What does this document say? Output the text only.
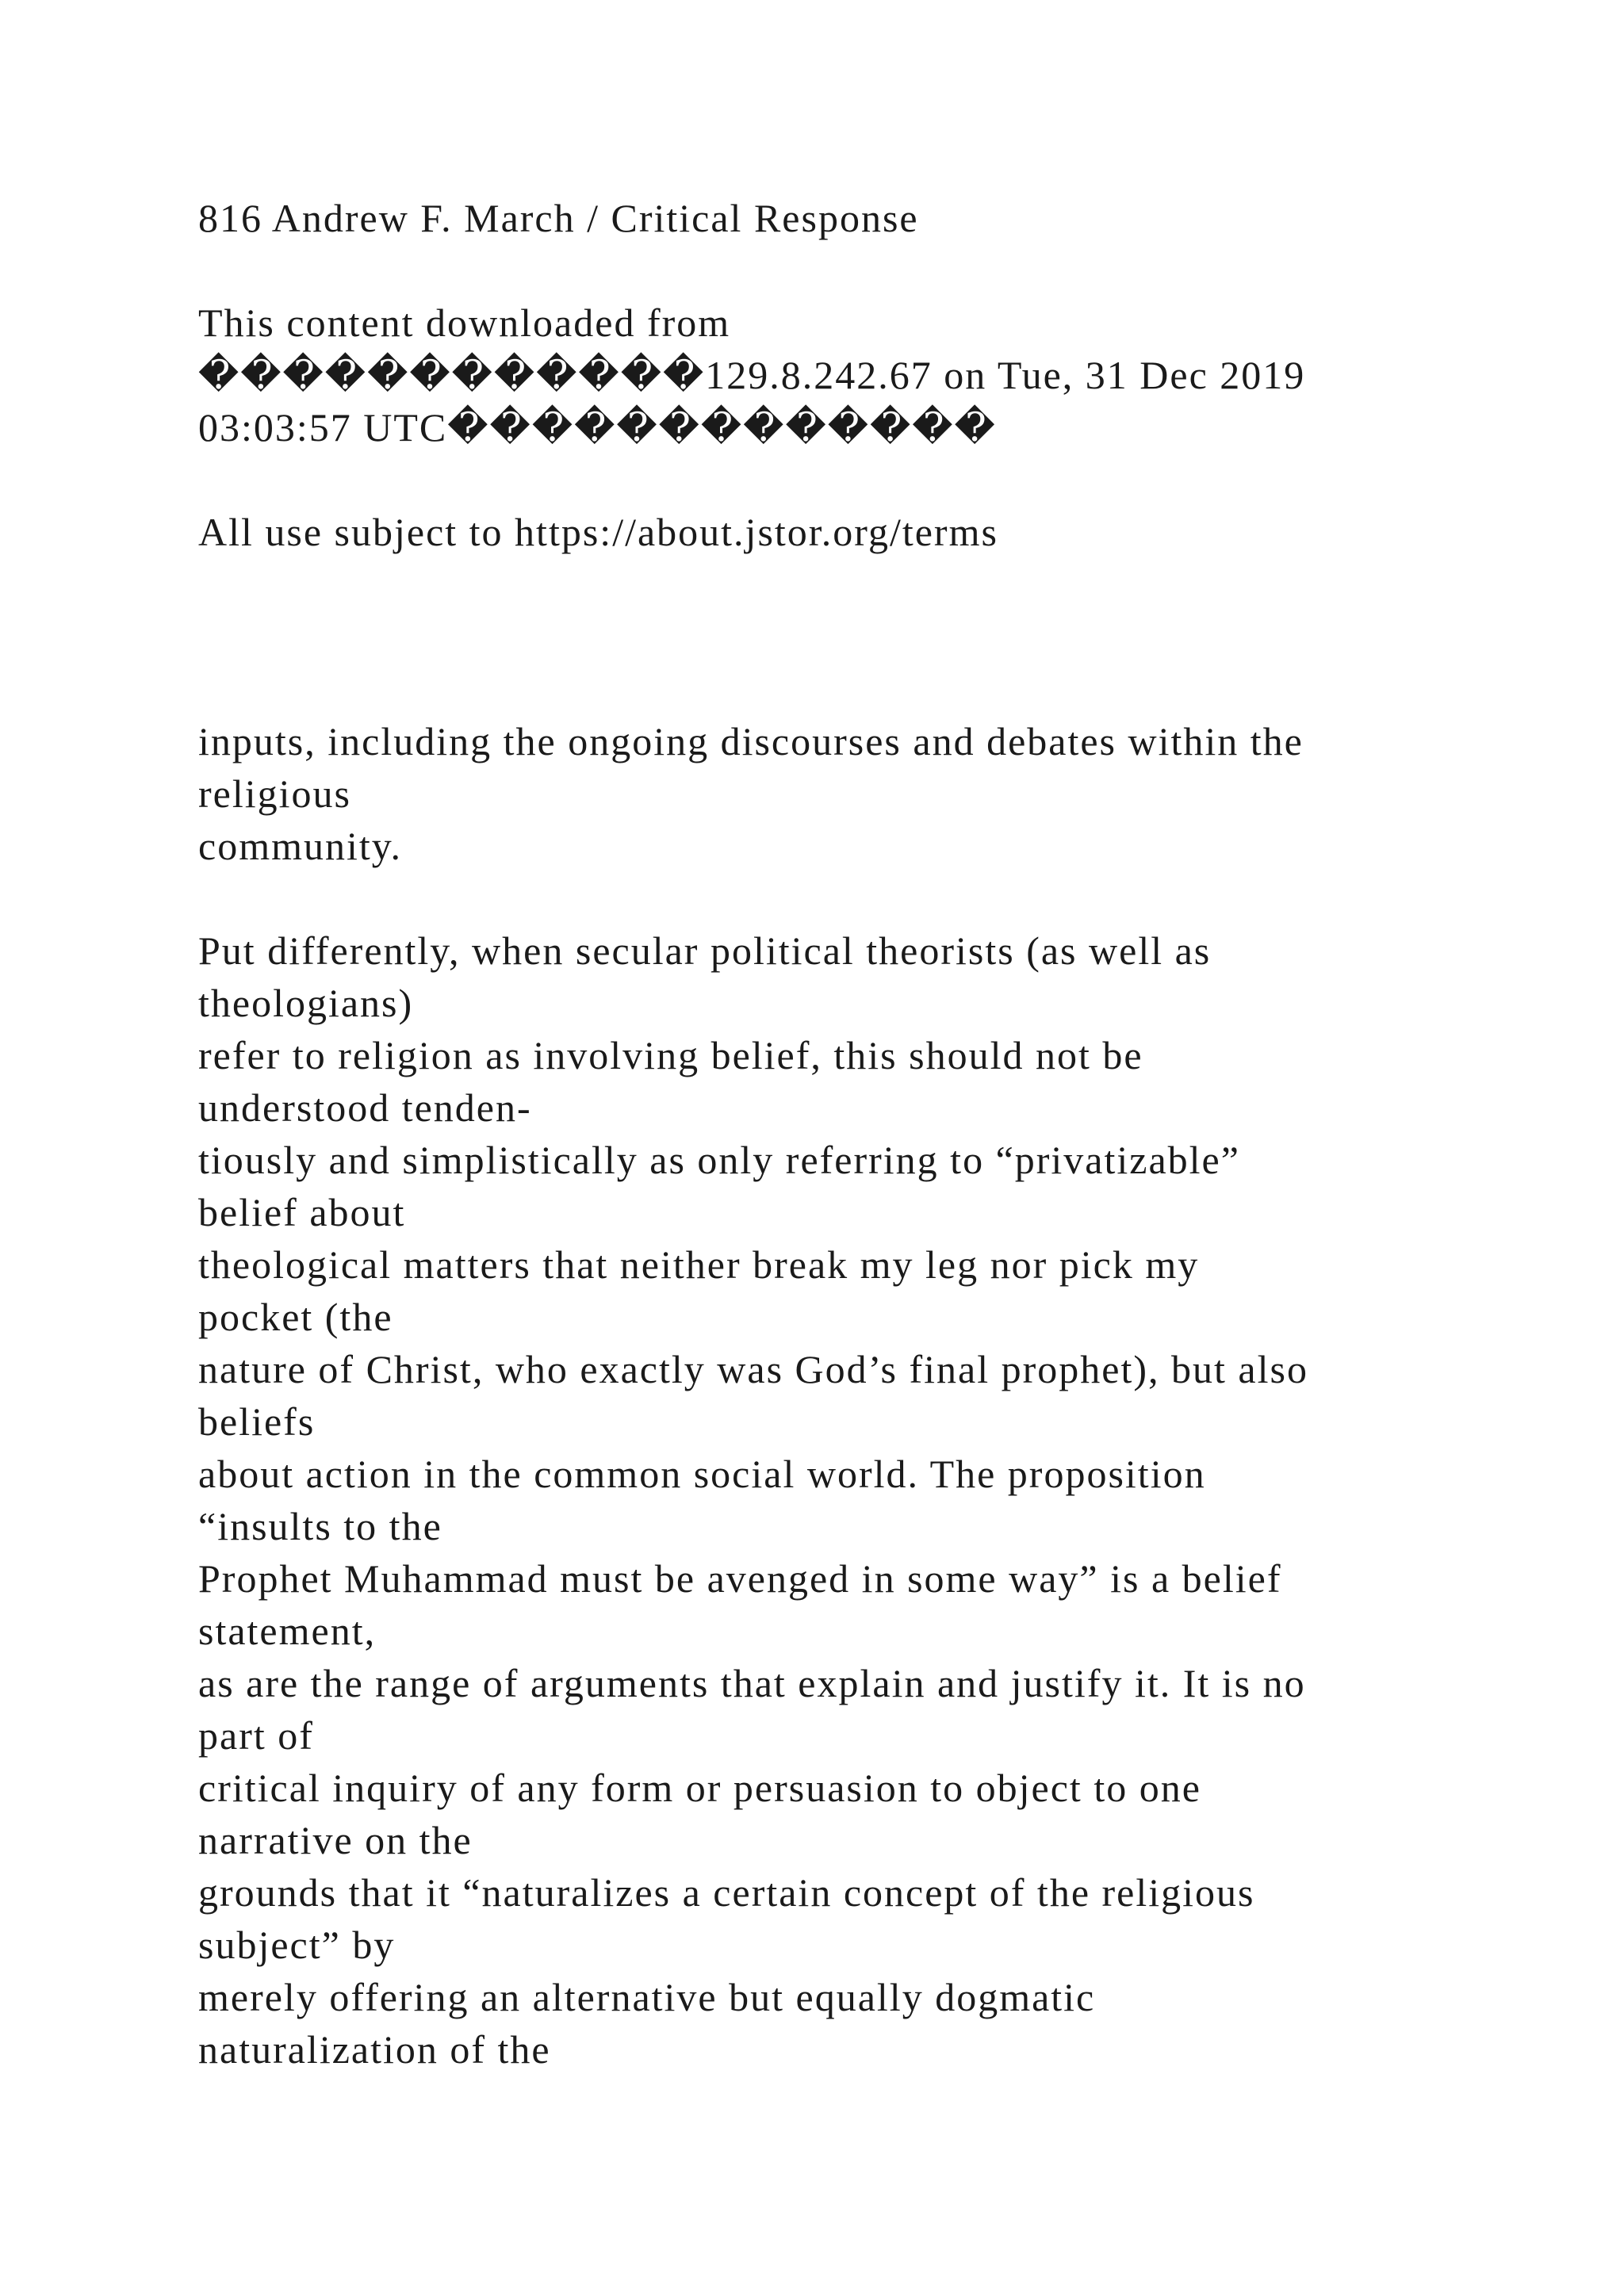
816 Andrew F. March / Critical Response

This content downloaded from

������������129.8.242.67 on Tue, 31 Dec 2019

03:03:57 UTC�������������

All use subject to https://about.jstor.org/terms

inputs, including the ongoing discourses and debates within the

religious

community.

Put differently, when secular political theorists (as well as

theologians)

refer to religion as involving belief, this should not be

understood tenden-

tiously and simplistically as only referring to “privatizable”

belief about

theological matters that neither break my leg nor pick my

pocket (the

nature of Christ, who exactly was God’s final prophet), but also

beliefs

about action in the common social world. The proposition

“insults to the

Prophet Muhammad must be avenged in some way” is a belief

statement,

as are the range of arguments that explain and justify it. It is no

part of

critical inquiry of any form or persuasion to object to one

narrative on the

grounds that it “naturalizes a certain concept of the religious

subject” by

merely offering an alternative but equally dogmatic

naturalization of the
